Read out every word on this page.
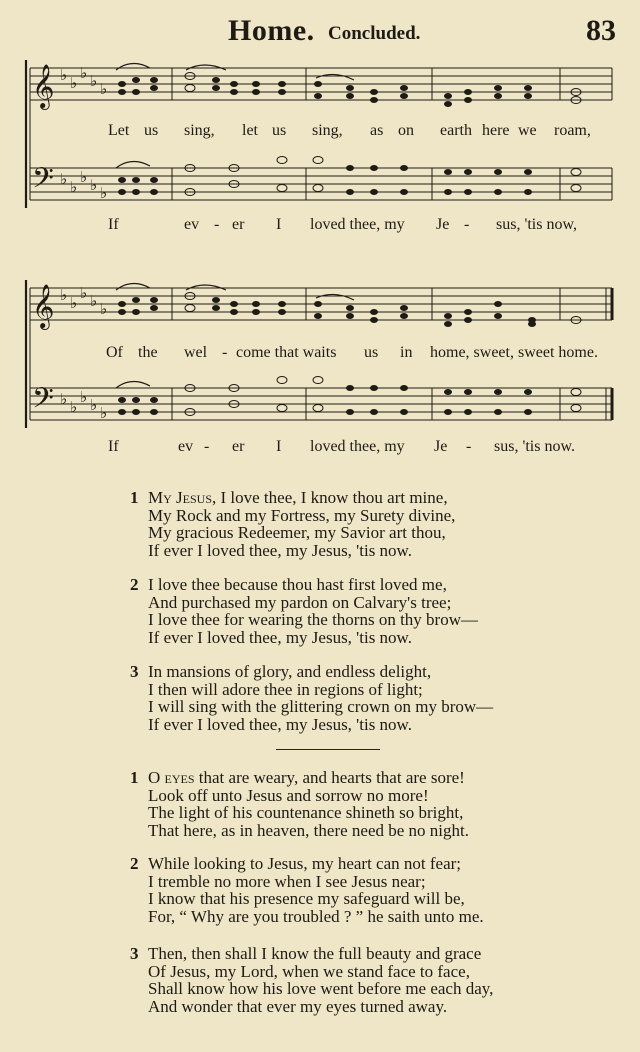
Home. Concluded.	83
𝄞
𝄢
♭ ♭
♭ ♭ ♭
♭ ♭
♭ ♭ ♭
Let us sing, let us sing, as on earth here we roam,
If	ev - er I loved thee, my Je - sus, 'tis now,
𝄞
𝄢
♭ ♭
♭ ♭ ♭
♭ ♭
♭ ♭ ♭
Of the wel - come that waits us in home, sweet, sweet home.
If	ev - er I loved thee, my Je - sus, 'tis now.
1 My Jesus, I love thee, I know thou art mine,
My Rock and my Fortress, my Surety divine,
My gracious Redeemer, my Savior art thou,
If ever I loved thee, my Jesus, 'tis now.
2 I love thee because thou hast first loved me,
And purchased my pardon on Calvary's tree;
I love thee for wearing the thorns on thy brow—
If ever I loved thee, my Jesus, 'tis now.
3 In mansions of glory, and endless delight,
I then will adore thee in regions of light;
I will sing with the glittering crown on my brow—
If ever I loved thee, my Jesus, 'tis now.
1 O eyes that are weary, and hearts that are sore!
Look off unto Jesus and sorrow no more!
The light of his countenance shineth so bright,
That here, as in heaven, there need be no night.
2 While looking to Jesus, my heart can not fear;
I tremble no more when I see Jesus near;
I know that his presence my safeguard will be,
For, “ Why are you troubled ? ” he saith unto me.
3 Then, then shall I know the full beauty and grace
Of Jesus, my Lord, when we stand face to face,
Shall know how his love went before me each day,
And wonder that ever my eyes turned away.
